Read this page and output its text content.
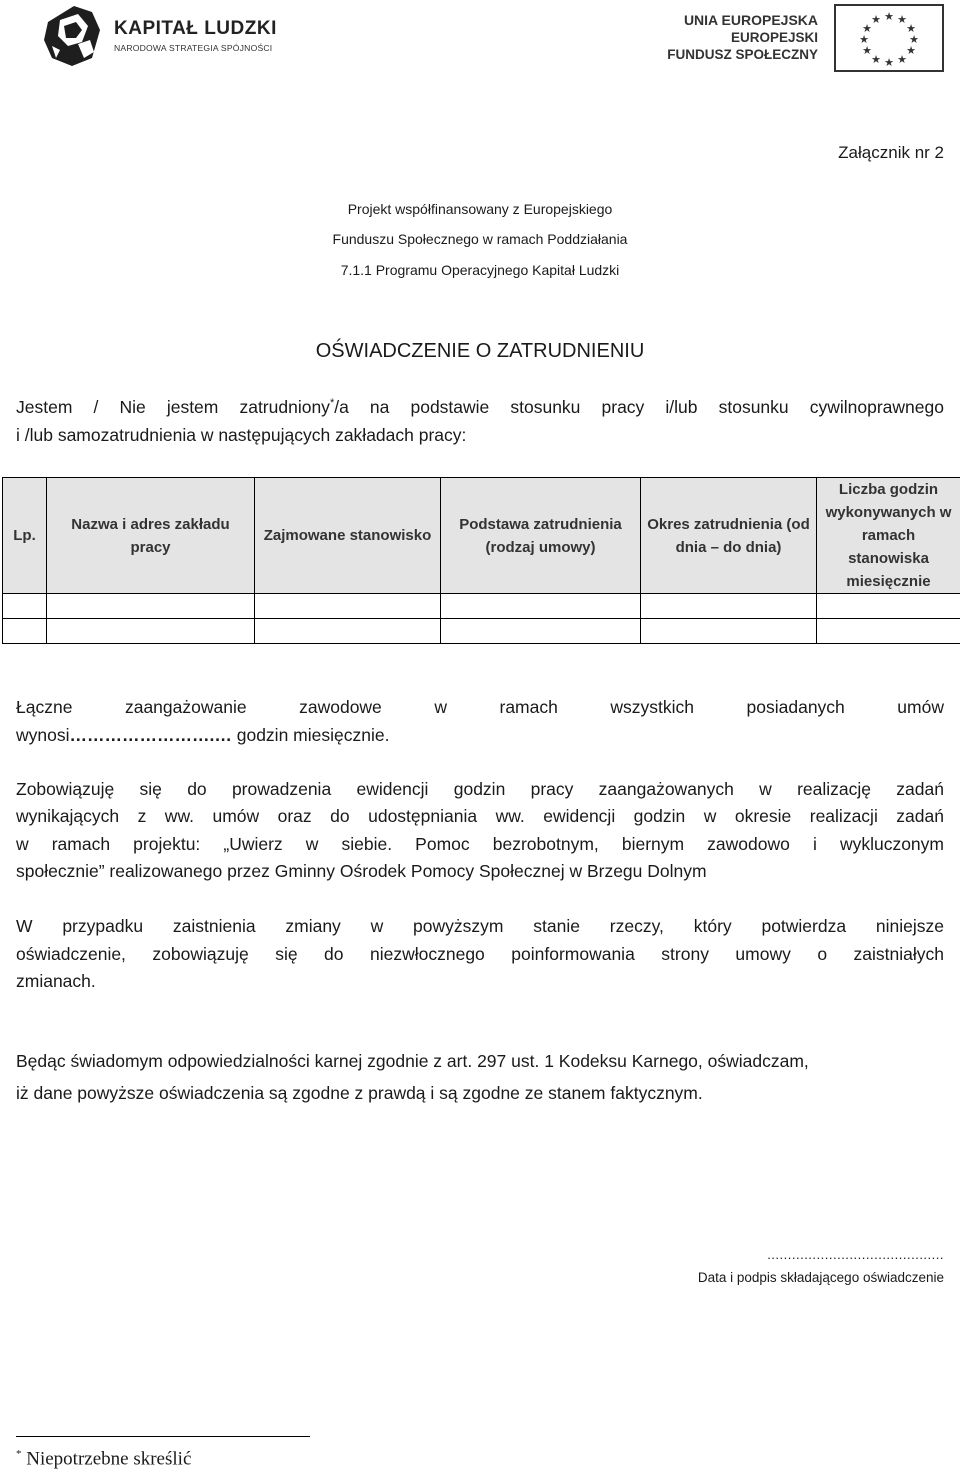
KAPITAŁ LUDZKI
NARODOWA STRATEGIA SPÓJNOŚCI
UNIA EUROPEJSKA
EUROPEJSKI
FUNDUSZ SPOŁECZNY
★ ★
★
★
★
★
★
★
★
★
★
★
Załącznik nr 2
Projekt współfinansowany z Europejskiego
Funduszu Społecznego w ramach Poddziałania
7.1.1 Programu Operacyjnego Kapitał Ludzki
OŚWIADCZENIE O ZATRUDNIENIU
Jestem / Nie jestem zatrudniony*/a na podstawie stosunku pracy i/lub stosunku cywilnoprawnego
i /lub samozatrudnienia w następujących zakładach pracy:
Lp.	Nazwa i adres zakładu pracy	Zajmowane stanowisko	Podstawa zatrudnienia (rodzaj umowy)	Okres zatrudnienia (od dnia – do dnia)	Liczba godzin wykonywanych w ramach stanowiska miesięcznie

Łączne zaangażowanie zawodowe w ramach wszystkich posiadanych umów
wynosi…………………….… godzin miesięcznie.
Zobowiązuję się do prowadzenia ewidencji godzin pracy zaangażowanych w realizację zadań
wynikających z ww. umów oraz do udostępniania ww. ewidencji godzin w okresie realizacji zadań
w ramach projektu: „Uwierz w siebie. Pomoc bezrobotnym, biernym zawodowo i wykluczonym
społecznie” realizowanego przez Gminny Ośrodek Pomocy Społecznej w Brzegu Dolnym
W przypadku zaistnienia zmiany w powyższym stanie rzeczy, który potwierdza niniejsze
oświadczenie, zobowiązuję się do niezwłocznego poinformowania strony umowy o zaistniałych
zmianach.
Będąc świadomym odpowiedzialności karnej zgodnie z art. 297 ust. 1 Kodeksu Karnego, oświadczam,
iż dane powyższe oświadczenia są zgodne z prawdą i są zgodne ze stanem faktycznym.
...........................................
Data i podpis składającego oświadczenie
* Niepotrzebne skreślić
